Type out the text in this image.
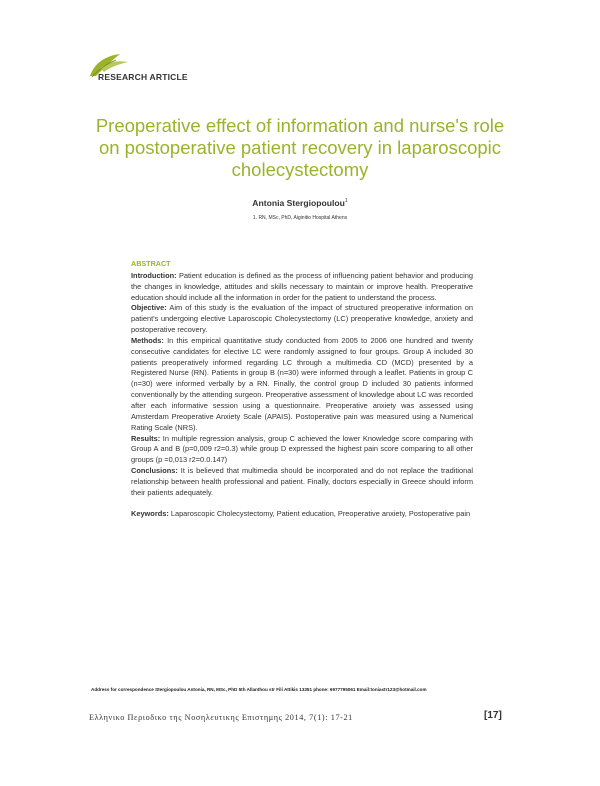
RESEARCH ARTICLE
Preoperative effect of information and nurse's role on postoperative patient recovery in laparoscopic cholecystectomy
Antonia Stergiopoulou$^1$
1. RN, MSc, PhD, Aiginitio Hospital Athens
ABSTRACT

Introduction: Patient education is defined as the process of influencing patient behavior and producing the changes in knowledge, attitudes and skills necessary to maintain or improve health. Preoperative education should include all the information in order for the patient to understand the process.

Objective: Aim of this study is the evaluation of the impact of structured preoperative information on patient's undergoing elective Laparoscopic Cholecystectomy (LC) preoperative knowledge, anxiety and postoperative recovery.

Methods: In this empirical quantitative study conducted from 2005 to 2006 one hundred and twenty consecutive candidates for elective LC were randomly assigned to four groups. Group A included 30 patients preoperatively informed regarding LC through a multimedia CD (MCD) presented by a Registered Nurse (RN). Patients in group B (n=30) were informed through a leaflet. Patients in group C (n=30) were informed verbally by a RN. Finally, the control group D included 30 patients informed conventionally by the attending surgeon. Preoperative assessment of knowledge about LC was recorded after each informative session using a questionnaire. Preoperative anxiety was assessed using Amsterdam Preoperative Anxiety Scale (APAIS). Postoperative pain was measured using a Numerical Rating Scale (NRS).

Results: In multiple regression analysis, group C achieved the lower Knowledge score comparing with Group A and B (p=0,009 r2=0.3) while group D expressed the highest pain score comparing to all other groups (p =0,013 r2=0.0.147)

Conclusions: It is believed that multimedia should be incorporated and do not replace the traditional relationship between health professional and patient. Finally, doctors especially in Greece should inform their patients adequately.

Keywords: Laparoscopic Cholecystectomy, Patient education, Preoperative anxiety, Postoperative pain

Address for correspondence Stergiopoulou Antonia, RN, MSc, PhD 5th Allanthou str Fili Attikis 13351 phone: 6977795061 Email:toniastr123@hotmail.com
Ελληνικο Περιοδικο της Νοσηλευτικης Επιστημης 2014, 7(1): 17-21	[17]
